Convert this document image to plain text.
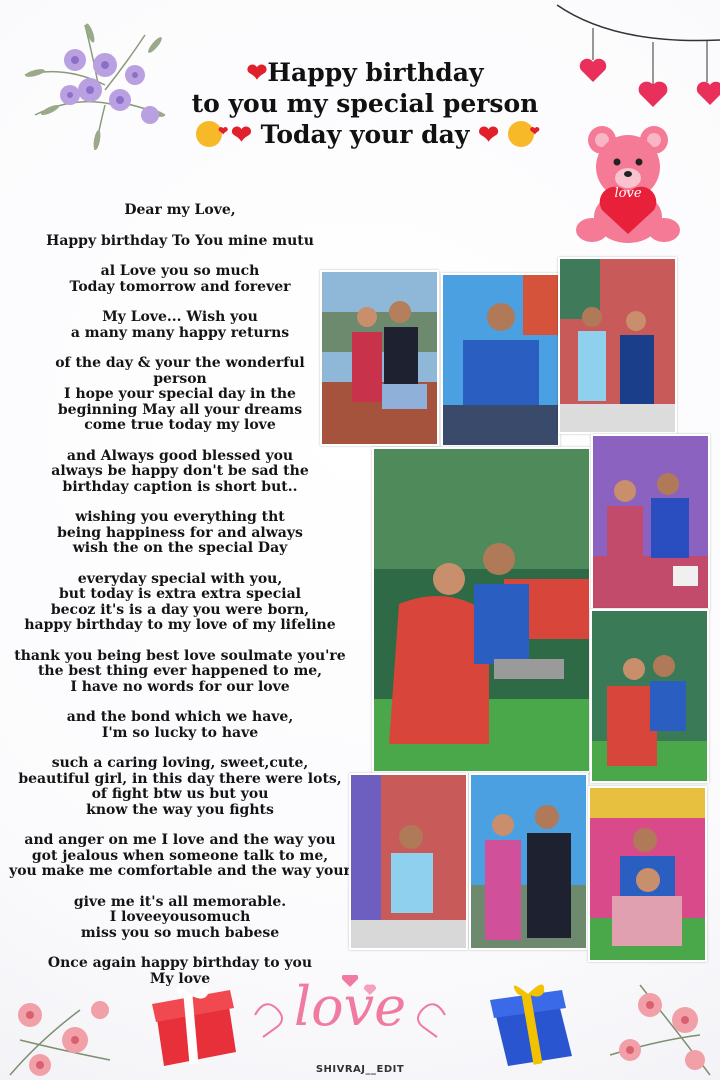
love
❤Happy birthday
to you my special person
❤ ❤ Today your day ❤ ❤

Dear my Love,

Happy birthday To You mine mutu

al Love you so much
Today tomorrow and forever

My Love... Wish you
a many many happy returns

of the day & your the wonderful
person
I hope your special day in the
beginning May all your dreams
come true today my love

and Always good blessed you
always be happy don't be sad the
birthday caption is short but..

wishing you everything tht
being happiness for and always
wish the on the special Day

everyday special with you,
but today is extra extra special
becoz it's is a day you were born,
happy birthday to my love of my lifeline

thank you being best love soulmate you're
the best thing ever happened to me,
I have no words for our love

and the bond which we have,
I'm so lucky to have

such a caring loving, sweet,cute,
beautiful girl, in this day there were lots,
of fight btw us but you
know the way you fights

and anger on me I love and the way you
got jealous when someone talk to me,
you make me comfortable and the way your

give me it's all memorable.
I loveeyousomuch
miss you so much babese

Once again happy birthday to you
My love	love
SHIVRAJ__EDIT
